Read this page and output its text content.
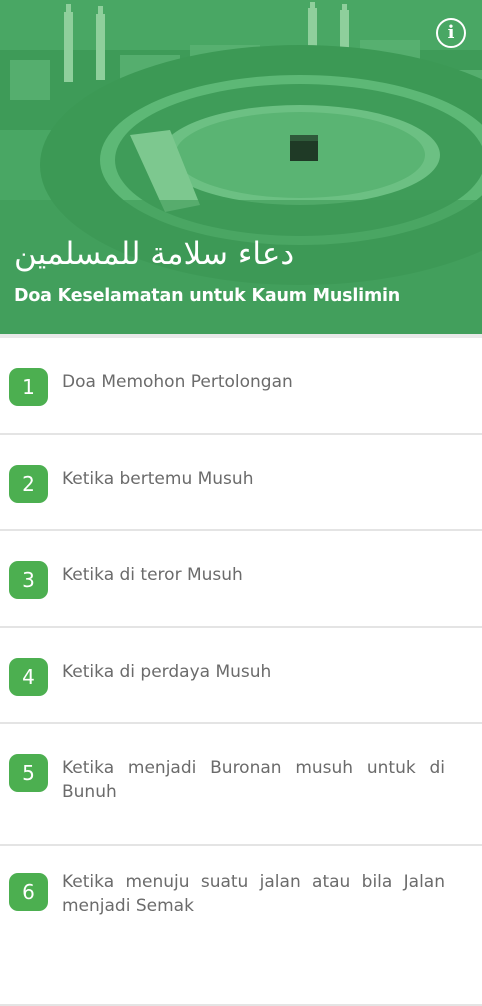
i
دعاء سلامة للمسلمين
Doa Keselamatan untuk Kaum Muslimin
1	Doa Memohon Pertolongan
2	Ketika bertemu Musuh
3	Ketika di teror Musuh
4	Ketika di perdaya Musuh
5	Ketika menjadi Buronan musuh untuk di Bunuh
6	Ketika menuju suatu jalan atau bila Jalan menjadi Semak
